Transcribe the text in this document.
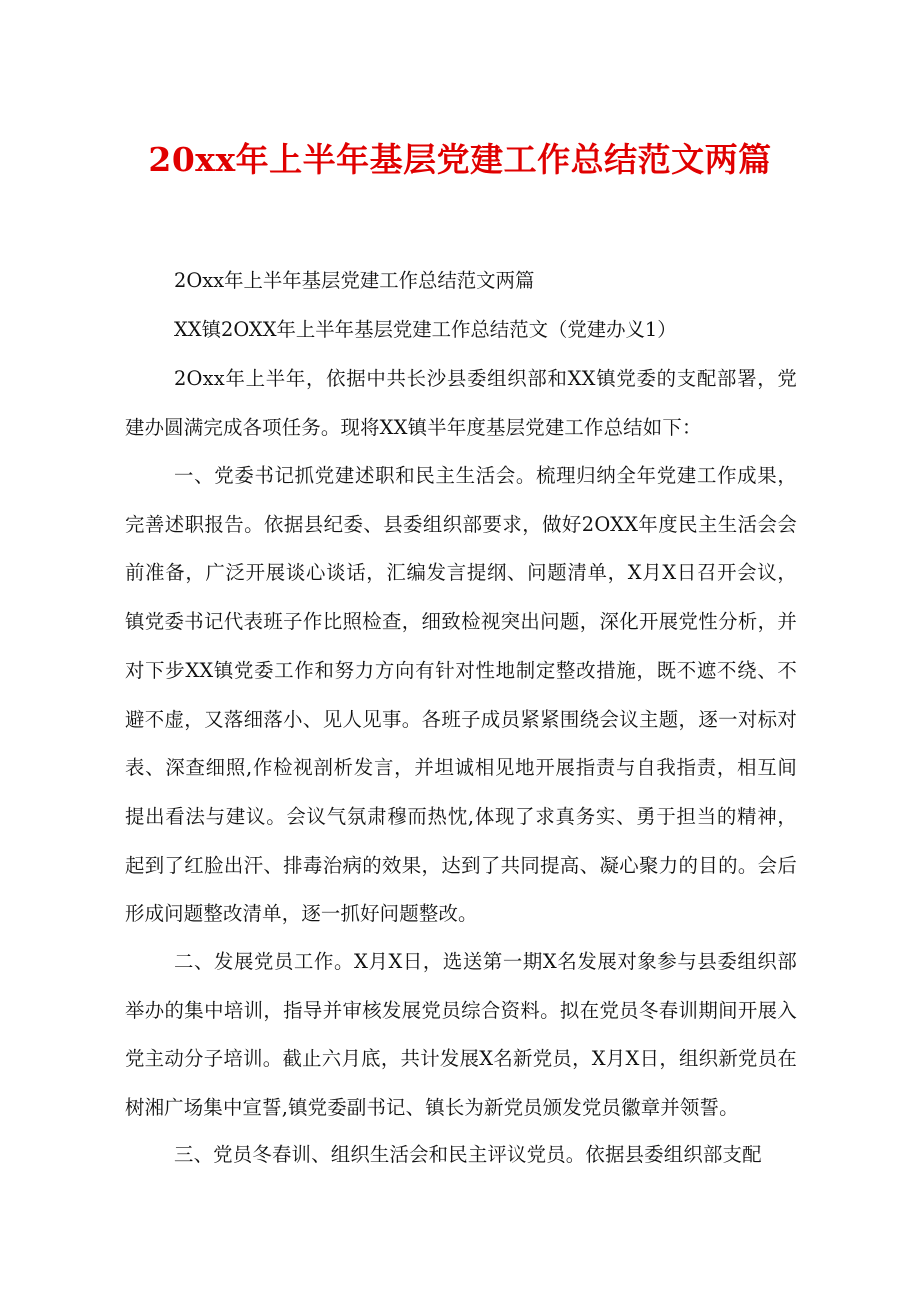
20xx年上半年基层党建工作总结范文两篇
2Oxx年上半年基层党建工作总结范文两篇
XX镇2OXX年上半年基层党建工作总结范文（党建办义1）

2Oxx年上半年，依据中共长沙县委组织部和XX镇党委的支配部署，党建办圆满完成各项任务。现将XX镇半年度基层党建工作总结如下：

一、党委书记抓党建述职和民主生活会。梳理归纳全年党建工作成果，完善述职报告。依据县纪委、县委组织部要求，做好2OXX年度民主生活会会前准备，广泛开展谈心谈话，汇编发言提纲、问题清单，X月X日召开会议，镇党委书记代表班子作比照检查，细致检视突出问题，深化开展党性分析，并对下步XX镇党委工作和努力方向有针对性地制定整改措施，既不遮不绕、不避不虚，又落细落小、见人见事。各班子成员紧紧围绕会议主题，逐一对标对表、深查细照,作检视剖析发言，并坦诚相见地开展指责与自我指责，相互间提出看法与建议。会议气氛肃穆而热忱,体现了求真务实、勇于担当的精神，起到了红脸出汗、排毒治病的效果，达到了共同提高、凝心聚力的目的。会后形成问题整改清单，逐一抓好问题整改。

二、发展党员工作。X月X日，选送第一期X名发展对象参与县委组织部举办的集中培训，指导并审核发展党员综合资料。拟在党员冬春训期间开展入党主动分子培训。截止六月底，共计发展X名新党员，X月X日，组织新党员在树湘广场集中宣誓,镇党委副书记、镇长为新党员颁发党员徽章并领誓。

三、党员冬春训、组织生活会和民主评议党员。依据县委组织部支配
